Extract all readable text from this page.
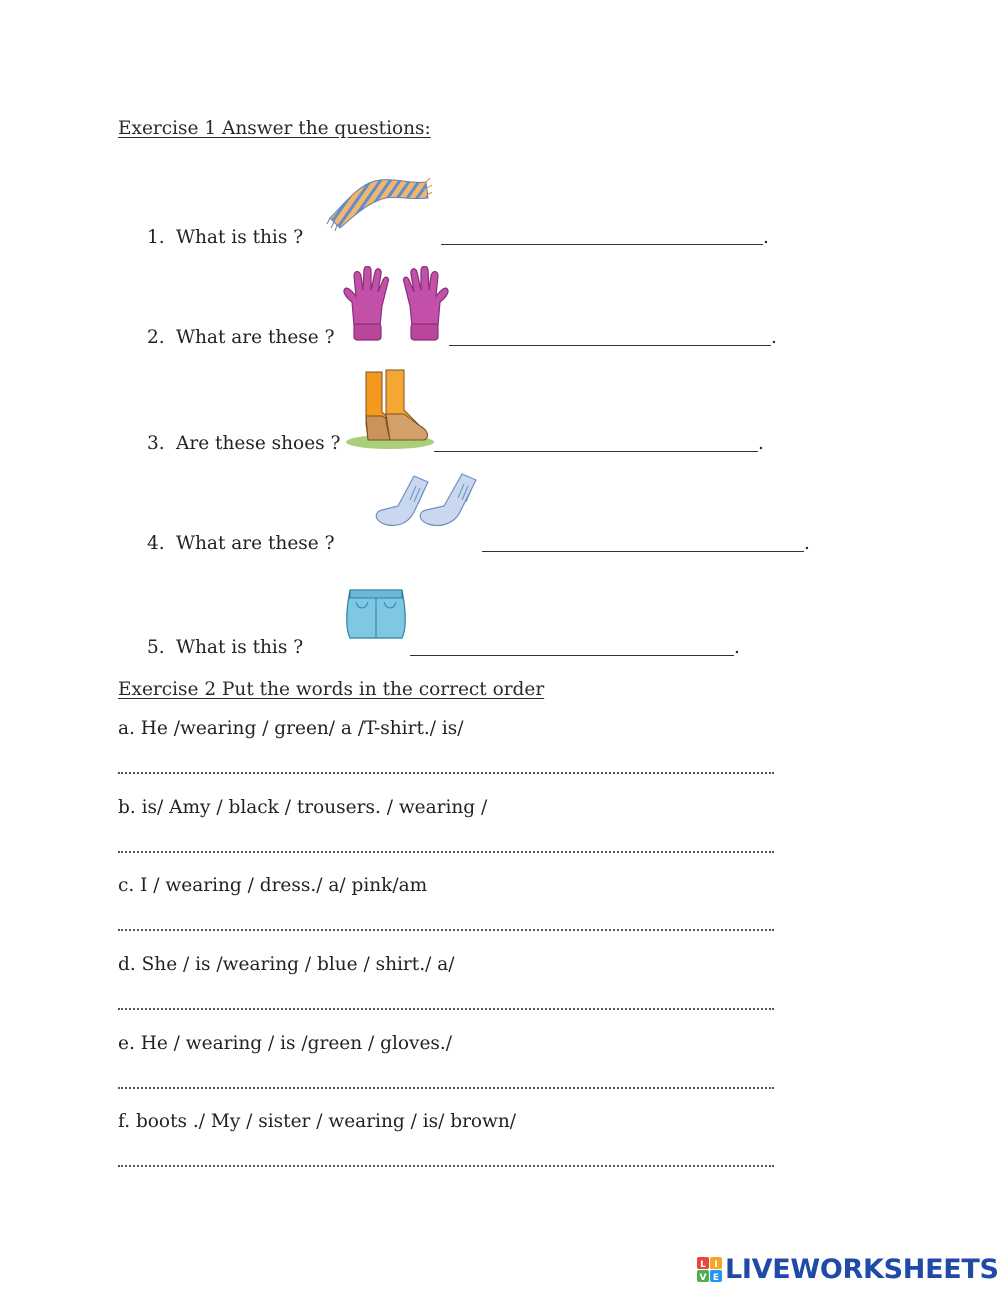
Exercise 1 Answer the questions:
1. What is this ?	.
2. What are these ?	.
3. Are these shoes ?	.
4. What are these ?	.
5. What is this ?	.
Exercise 2 Put the words in the correct order
a. He /wearing / green/ a /T-shirt./ is/
b. is/ Amy / black / trousers. / wearing /
c. I / wearing / dress./ a/ pink/am
d. She / is /wearing / blue / shirt./ a/
e. He / wearing / is /green / gloves./
f. boots ./ My / sister / wearing / is/ brown/
L I
V E LIVEWORKSHEETS
